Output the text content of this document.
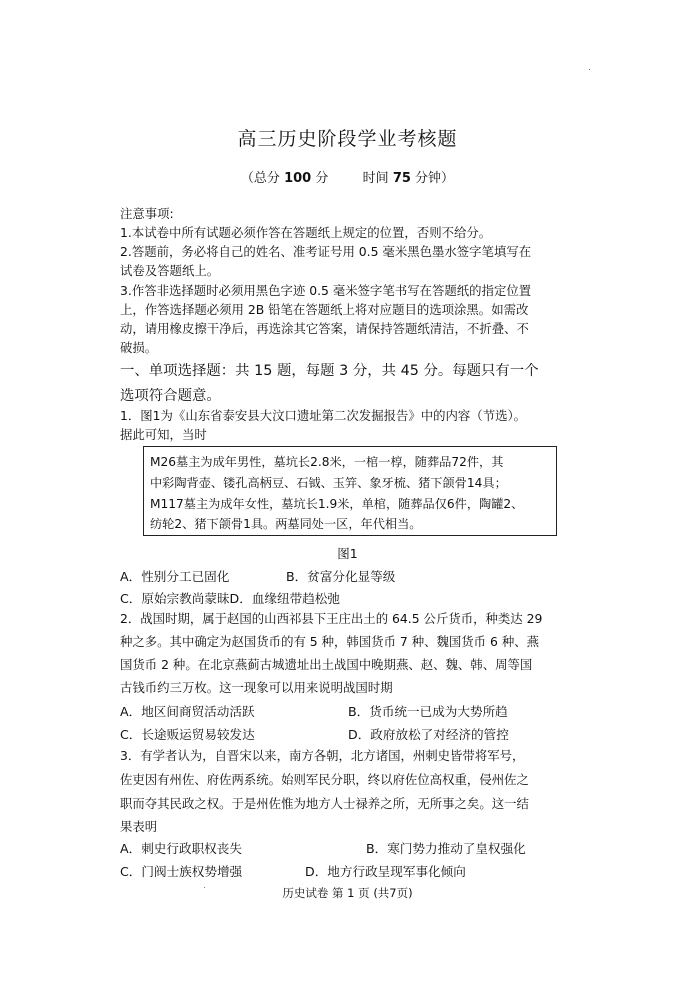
高三历史阶段学业考核题
（总分 100 分	时间 75 分钟）
注意事项:
1.本试卷中所有试题必须作答在答题纸上规定的位置，否则不给分。
2.答题前，务必将自己的姓名、准考证号用 0.5 毫米黑色墨水签字笔填写在
试卷及答题纸上。
3.作答非选择题时必须用黑色字迹 0.5 毫米签字笔书写在答题纸的指定位置
上，作答选择题必须用 2B 铅笔在答题纸上将对应题目的选项涂黑。如需改
动，请用橡皮擦干净后，再选涂其它答案，请保持答题纸清洁，不折叠、不
破损。
一、单项选择题：共 15 题，每题 3 分，共 45 分。每题只有一个
选项符合题意。
1．图1为《山东省泰安县大汶口遗址第二次发掘报告》中的内容（节选）。
据此可知，当时
M26墓主为成年男性，墓坑长2.8米，一棺一椁，随葬品72件，其
中彩陶背壶、镂孔高柄豆、石钺、玉笄、象牙梳、猪下颌骨14具；
M117墓主为成年女性，墓坑长1.9米，单棺，随葬品仅6件，陶罐2、
纺轮2、猪下颌骨1具。两墓同处一区，年代相当。
图1
A．性别分工已固化	B．贫富分化显等级
C．原始宗教尚蒙昧D．血缘纽带趋松弛
2．战国时期，属于赵国的山西祁县下王庄出土的 64.5 公斤货币，种类达 29
种之多。其中确定为赵国货币的有 5 种，韩国货币 7 种、魏国货币 6 种、燕
国货币 2 种。在北京燕蓟古城遗址出土战国中晚期燕、赵、魏、韩、周等国
古钱币约三万枚。这一现象可以用来说明战国时期
A．地区间商贸活动活跃	B．货币统一已成为大势所趋
C．长途贩运贸易较发达	D．政府放松了对经济的管控
3．有学者认为，自晋宋以来，南方各朝，北方诸国，州刺史皆带将军号，
佐吏因有州佐、府佐两系统。始则军民分职，终以府佐位高权重，侵州佐之
职而夺其民政之权。于是州佐惟为地方人士禄养之所，无所事之矣。这一结
果表明
A．刺史行政职权丧失	B．寒门势力推动了皇权强化
C．门阀士族权势增强	D．地方行政呈现军事化倾向
历史试卷 第 1 页 (共7页)
